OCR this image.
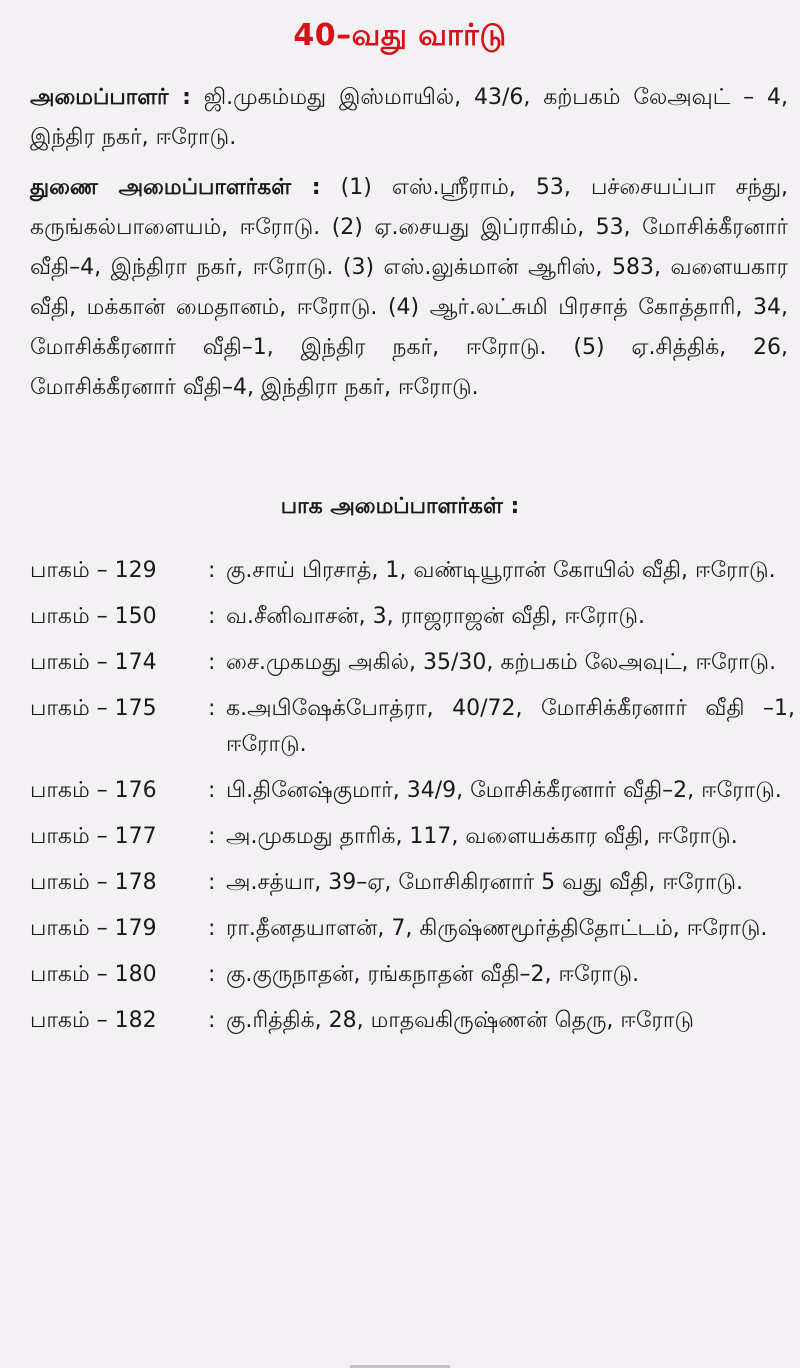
40–வது வார்டு
அமைப்பாளர் : ஜி.முகம்மது இஸ்மாயில், 43/6, கற்பகம் லேஅவுட் – 4, இந்திர நகர், ஈரோடு.
துணை அமைப்பாளர்கள் : (1) எஸ்.ஸ்ரீராம், 53, பச்சையப்பா சந்து, கருங்கல்பாளையம், ஈரோடு. (2) ஏ.சையது இப்ராகிம், 53, மோசிக்கீரனார் வீதி–4, இந்திரா நகர், ஈரோடு. (3) எஸ்.லுக்மான் ஆரிஸ், 583, வளையகார வீதி, மக்கான் மைதானம், ஈரோடு. (4) ஆர்.லட்சுமி பிரசாத் கோத்தாரி, 34, மோசிக்கீரனார் வீதி–1, இந்திர நகர், ஈரோடு. (5) ஏ.சித்திக், 26, மோசிக்கீரனார் வீதி–4, இந்திரா நகர், ஈரோடு.
பாக அமைப்பாளர்கள் :
பாகம் – 129	: கு.சாய் பிரசாத், 1, வண்டியூரான் கோயில் வீதி, ஈரோடு.
பாகம் – 150	: வ.சீனிவாசன், 3, ராஜராஜன் வீதி, ஈரோடு.
பாகம் – 174	: சை.முகமது அகில், 35/30, கற்பகம் லேஅவுட், ஈரோடு.
பாகம் – 175	: க.அபிஷேக்போத்ரா, 40/72, மோசிக்கீரனார் வீதி –1, ஈரோடு.
பாகம் – 176	: பி.தினேஷ்குமார், 34/9, மோசிக்கீரனார் வீதி–2, ஈரோடு.
பாகம் – 177	: அ.முகமது தாரிக், 117, வளையக்கார வீதி, ஈரோடு.
பாகம் – 178	: அ.சத்யா, 39–ஏ, மோசிகிரனார் 5 வது வீதி, ஈரோடு.
பாகம் – 179	: ரா.தீனதயாளன், 7, கிருஷ்ணமூர்த்திதோட்டம், ஈரோடு.
பாகம் – 180	: கு.குருநாதன், ரங்கநாதன் வீதி–2, ஈரோடு.
பாகம் – 182	: கு.ரித்திக், 28, மாதவகிருஷ்ணன் தெரு, ஈரோடு
